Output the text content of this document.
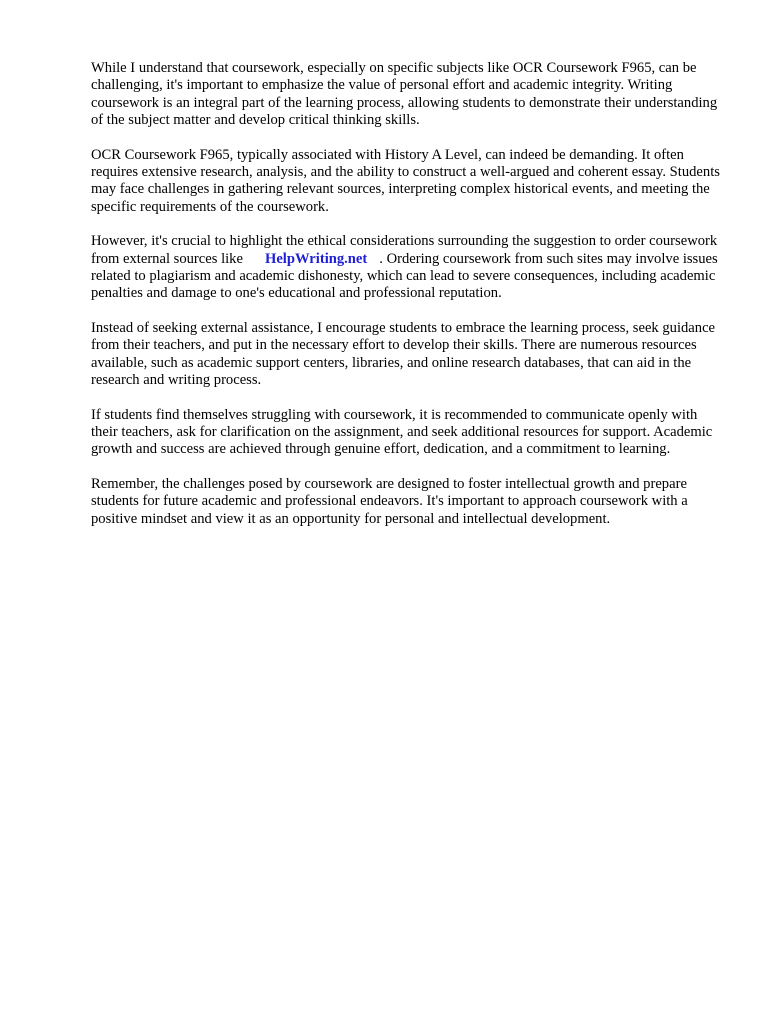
While I understand that coursework, especially on specific subjects like OCR Coursework F965, can be challenging, it's important to emphasize the value of personal effort and academic integrity. Writing coursework is an integral part of the learning process, allowing students to demonstrate their understanding of the subject matter and develop critical thinking skills.

OCR Coursework F965, typically associated with History A Level, can indeed be demanding. It often requires extensive research, analysis, and the ability to construct a well-argued and coherent essay. Students may face challenges in gathering relevant sources, interpreting complex historical events, and meeting the specific requirements of the coursework.

However, it's crucial to highlight the ethical considerations surrounding the suggestion to order coursework from external sources like HelpWriting.net . Ordering coursework from such sites may involve issues related to plagiarism and academic dishonesty, which can lead to severe consequences, including academic penalties and damage to one's educational and professional reputation.

Instead of seeking external assistance, I encourage students to embrace the learning process, seek guidance from their teachers, and put in the necessary effort to develop their skills. There are numerous resources available, such as academic support centers, libraries, and online research databases, that can aid in the research and writing process.

If students find themselves struggling with coursework, it is recommended to communicate openly with their teachers, ask for clarification on the assignment, and seek additional resources for support. Academic growth and success are achieved through genuine effort, dedication, and a commitment to learning.

Remember, the challenges posed by coursework are designed to foster intellectual growth and prepare students for future academic and professional endeavors. It's important to approach coursework with a positive mindset and view it as an opportunity for personal and intellectual development.
